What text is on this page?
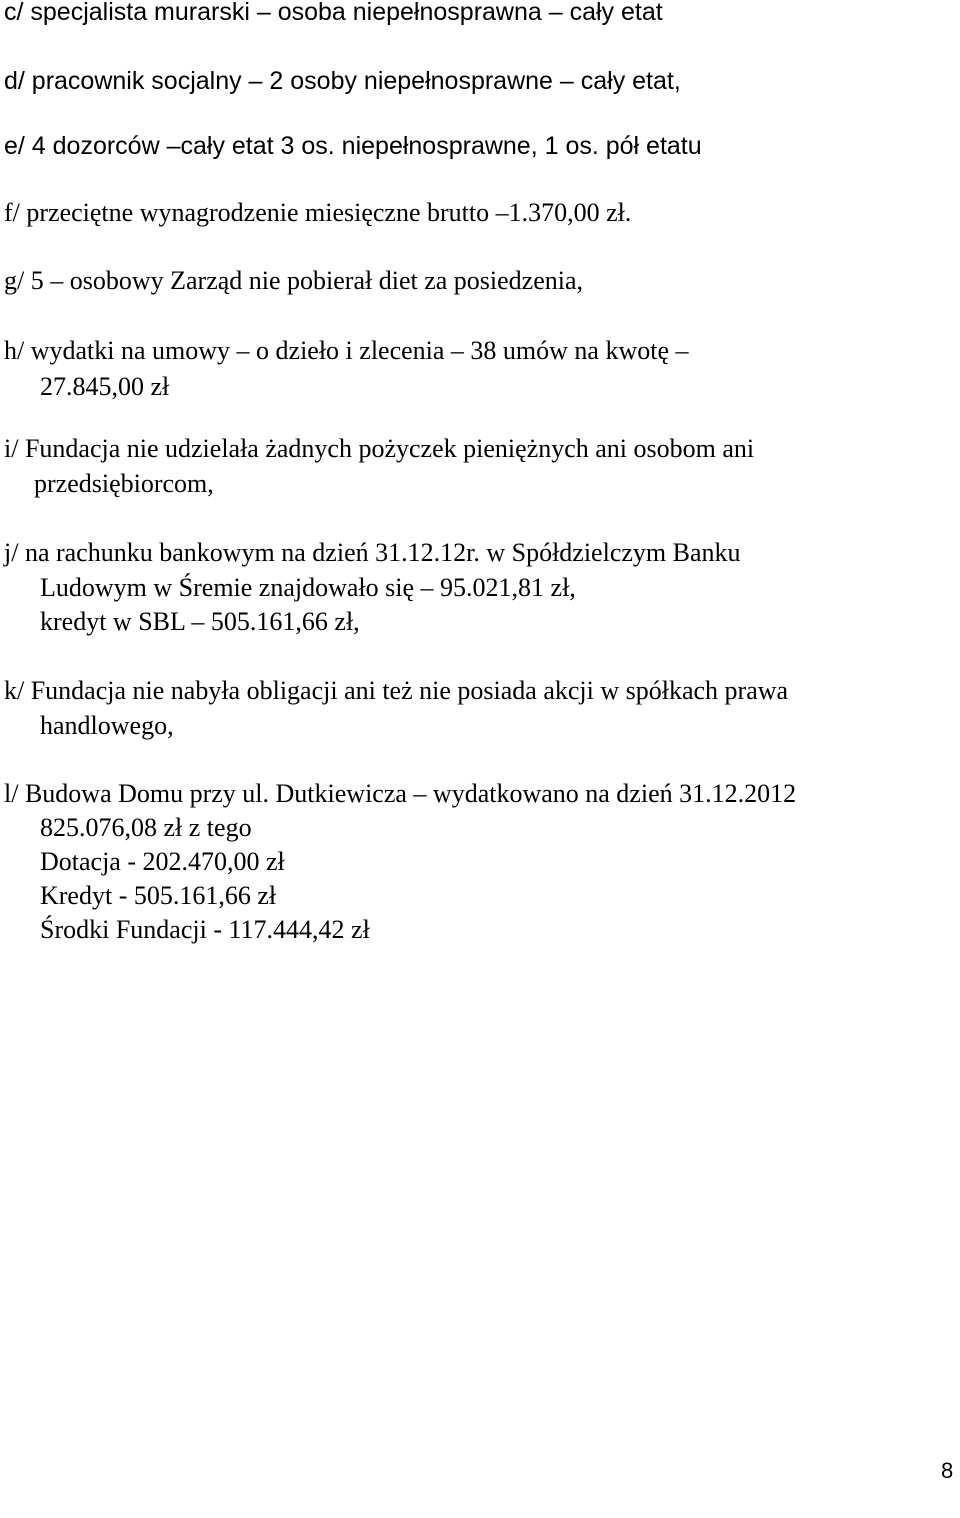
c/ specjalista murarski – osoba niepełnosprawna – cały etat

d/ pracownik socjalny – 2 osoby niepełnosprawne – cały etat,

e/ 4 dozorców –cały etat 3 os. niepełnosprawne, 1 os. pół etatu

f/ przeciętne wynagrodzenie miesięczne brutto –1.370,00 zł.

g/ 5 – osobowy Zarząd nie pobierał diet za posiedzenia,

h/ wydatki na umowy – o dzieło i zlecenia – 38 umów na kwotę –

27.845,00 zł

i/ Fundacja nie udzielała żadnych pożyczek pieniężnych ani osobom ani

przedsiębiorcom,

j/ na rachunku bankowym na dzień 31.12.12r. w Spółdzielczym Banku

Ludowym w Śremie znajdowało się – 95.021,81 zł,

kredyt w SBL – 505.161,66 zł,

k/ Fundacja nie nabyła obligacji ani też nie posiada akcji w spółkach prawa

handlowego,

l/ Budowa Domu przy ul. Dutkiewicza – wydatkowano na dzień 31.12.2012

825.076,08 zł z tego

Dotacja - 202.470,00 zł

Kredyt - 505.161,66 zł

Środki Fundacji - 117.444,42 zł

8
